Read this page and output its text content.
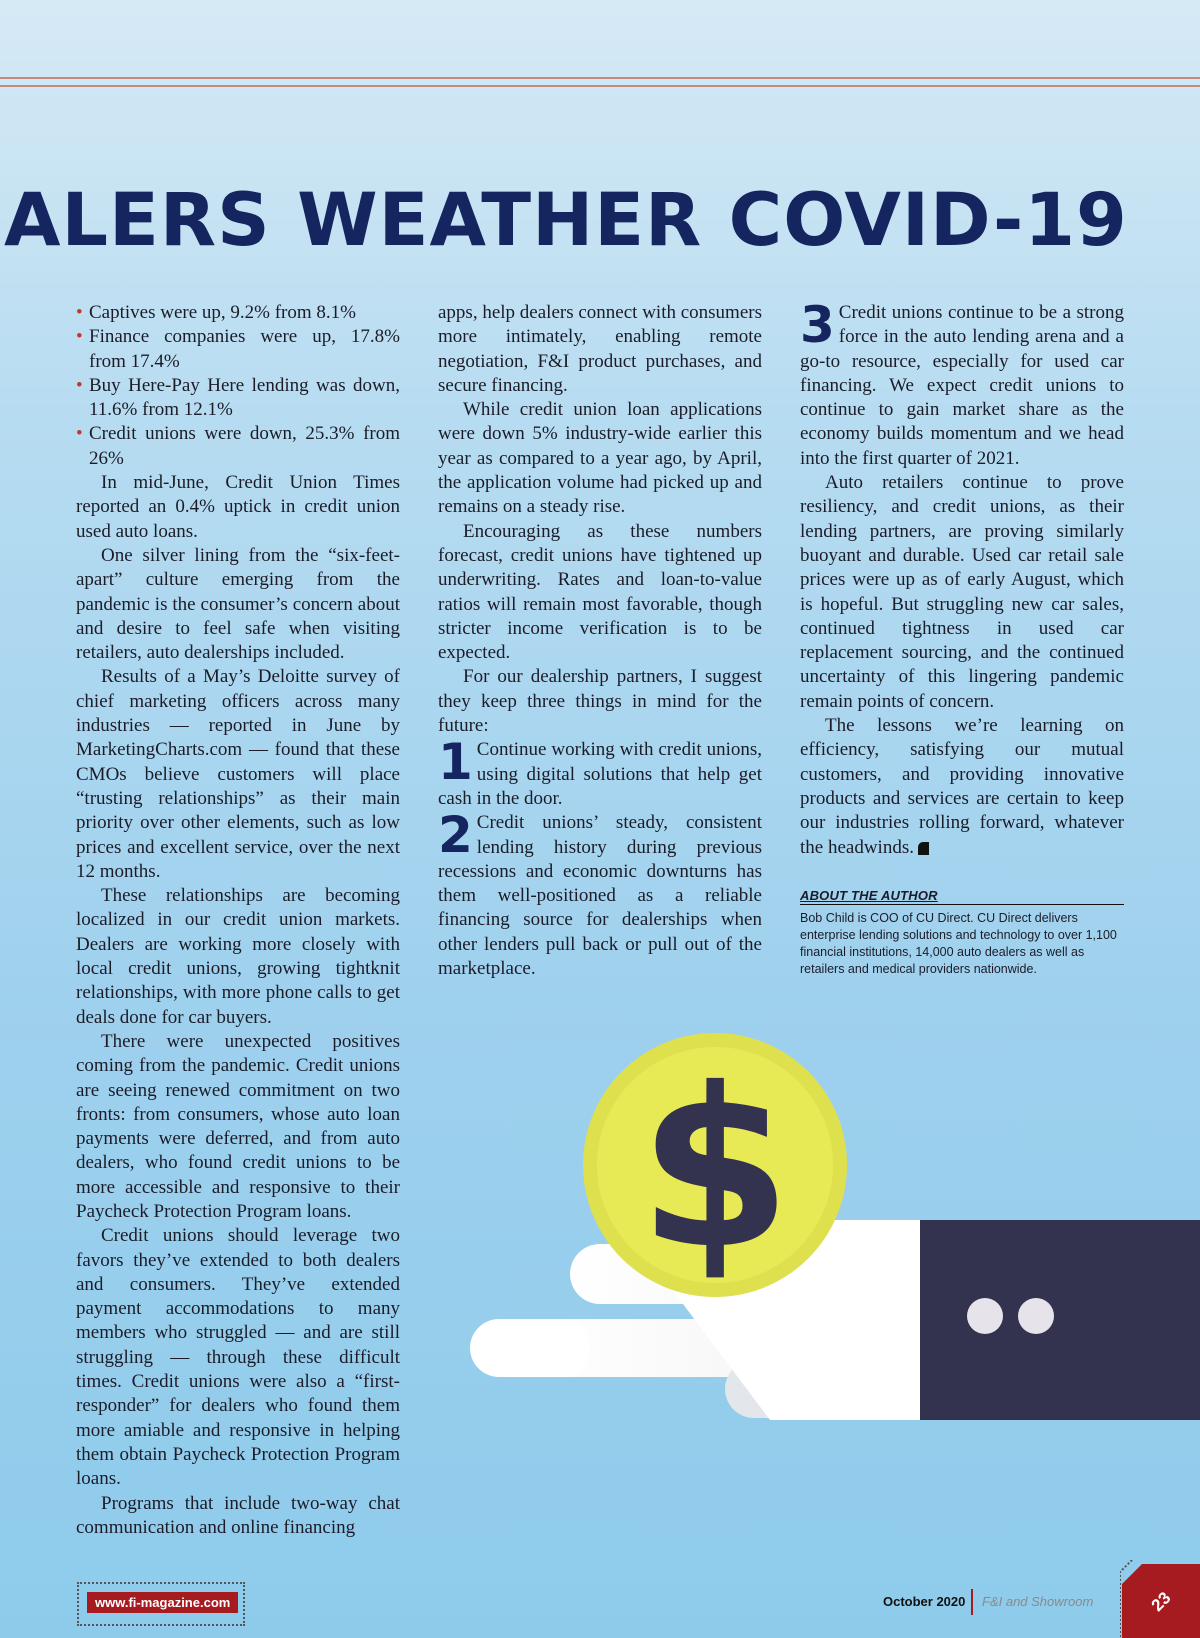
ALERS WEATHER COVID-19
• Captives were up, 9.2% from 8.1%
• Finance companies were up, 17.8% from 17.4%
• Buy Here-Pay Here lending was down, 11.6% from 12.1%
• Credit unions were down, 25.3% from 26%

In mid-June, Credit Union Times reported an 0.4% uptick in credit union used auto loans.

One silver lining from the “six-feet-apart” culture emerging from the pandemic is the consumer’s concern about and desire to feel safe when visiting retailers, auto dealerships included.

Results of a May’s Deloitte survey of chief marketing officers across many industries — reported in June by MarketingCharts.com — found that these CMOs believe customers will place “trusting relationships” as their main priority over other elements, such as low prices and excellent service, over the next 12 months.

These relationships are becoming localized in our credit union markets. Dealers are working more closely with local credit unions, growing tightknit relationships, with more phone calls to get deals done for car buyers.

There were unexpected positives coming from the pandemic. Credit unions are seeing renewed commitment on two fronts: from consumers, whose auto loan payments were deferred, and from auto dealers, who found credit unions to be more accessible and responsive to their Paycheck Protection Program loans.

Credit unions should leverage two favors they’ve extended to both dealers and consumers. They’ve extended payment accommodations to many members who struggled — and are still struggling — through these difficult times. Credit unions were also a “first-responder” for dealers who found them more amiable and responsive in helping them obtain Paycheck Protection Program loans.

Programs that include two-way chat communication and online financing

apps, help dealers connect with consumers more intimately, enabling remote negotiation, F&I product purchases, and secure financing.

While credit union loan applications were down 5% industry-wide earlier this year as compared to a year ago, by April, the application volume had picked up and remains on a steady rise.

Encouraging as these numbers forecast, credit unions have tightened up underwriting. Rates and loan-to-value ratios will remain most favorable, though stricter income verification is to be expected.

For our dealership partners, I suggest they keep three things in mind for the future:

1 Continue working with credit unions, using digital solutions that help get cash in the door.
2 Credit unions’ steady, consistent lending history during previous recessions and economic downturns has them well-positioned as a reliable financing source for dealerships when other lenders pull back or pull out of the marketplace.
3 Credit unions continue to be a strong force in the auto lending arena and a go-to resource, especially for used car financing. We expect credit unions to continue to gain market share as the economy builds momentum and we head into the first quarter of 2021.

Auto retailers continue to prove resiliency, and credit unions, as their lending partners, are proving similarly buoyant and durable. Used car retail sale prices were up as of early August, which is hopeful. But struggling new car sales, continued tightness in used car replacement sourcing, and the continued uncertainty of this lingering pandemic remain points of concern.

The lessons we’re learning on efficiency, satisfying our mutual customers, and providing innovative products and services are certain to keep our industries rolling forward, whatever the headwinds.

ABOUT THE AUTHOR
Bob Child is COO of CU Direct. CU Direct delivers enterprise lending solutions and technology to over 1,100 financial institutions, 14,000 auto dealers as well as retailers and medical providers nationwide.
$
www.fi-magazine.com	October 2020 F&I and Showroom	23
